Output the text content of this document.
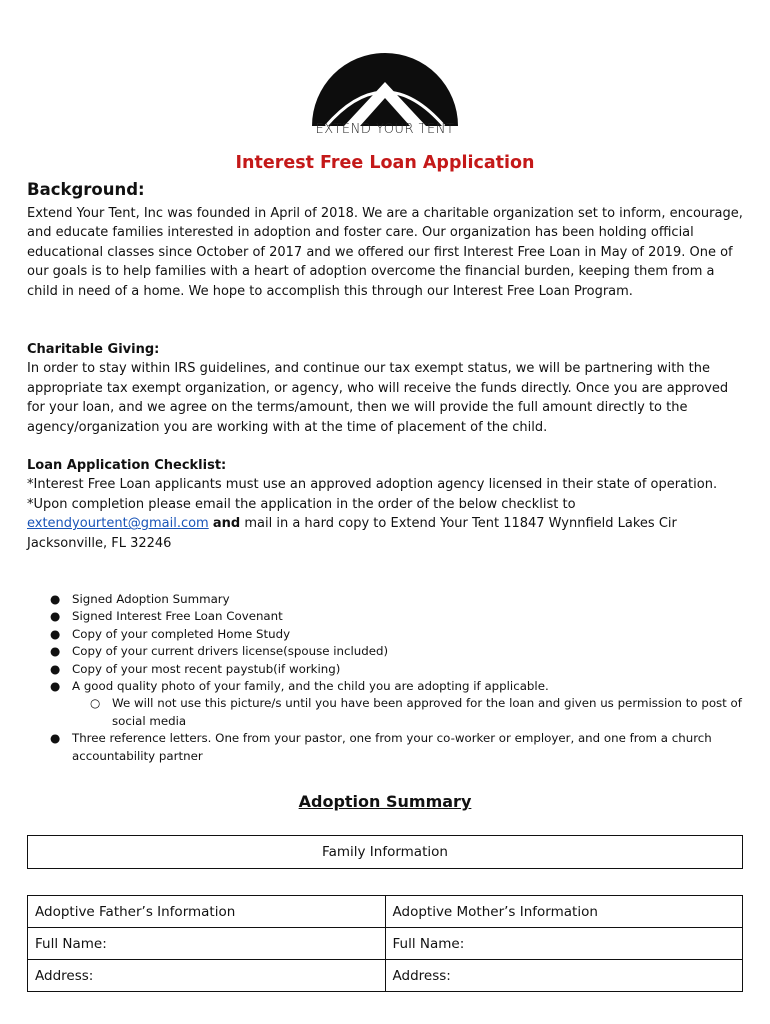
EXTEND YOUR TENT
Interest Free Loan Application
Background:
Extend Your Tent, Inc was founded in April of 2018. We are a charitable organization set to inform, encourage, and educate families interested in adoption and foster care. Our organization has been holding official educational classes since October of 2017 and we offered our first Interest Free Loan in May of 2019. One of our goals is to help families with a heart of adoption overcome the financial burden, keeping them from a child in need of a home. We hope to accomplish this through our Interest Free Loan Program.
Charitable Giving:
In order to stay within IRS guidelines, and continue our tax exempt status, we will be partnering with the appropriate tax exempt organization, or agency, who will receive the funds directly. Once you are approved for your loan, and we agree on the terms/amount, then we will provide the full amount directly to the agency/organization you are working with at the time of placement of the child.
Loan Application Checklist:
*Interest Free Loan applicants must use an approved adoption agency licensed in their state of operation.
*Upon completion please email the application in the order of the below checklist to extendyourtent@gmail.com and mail in a hard copy to Extend Your Tent 11847 Wynnfield Lakes Cir Jacksonville, FL 32246
● Signed Adoption Summary
● Signed Interest Free Loan Covenant
● Copy of your completed Home Study
● Copy of your current drivers license(spouse included)
● Copy of your most recent paystub(if working)
● A good quality photo of your family, and the child you are adopting if applicable.
○ We will not use this picture/s until you have been approved for the loan and given us permission to post of social media
● Three reference letters. One from your pastor, one from your co-worker or employer, and one from a church accountability partner
Adoption Summary
Family Information
Adoptive Father’s Information	Adoptive Mother’s Information
Full Name:	Full Name:
Address:	Address:
